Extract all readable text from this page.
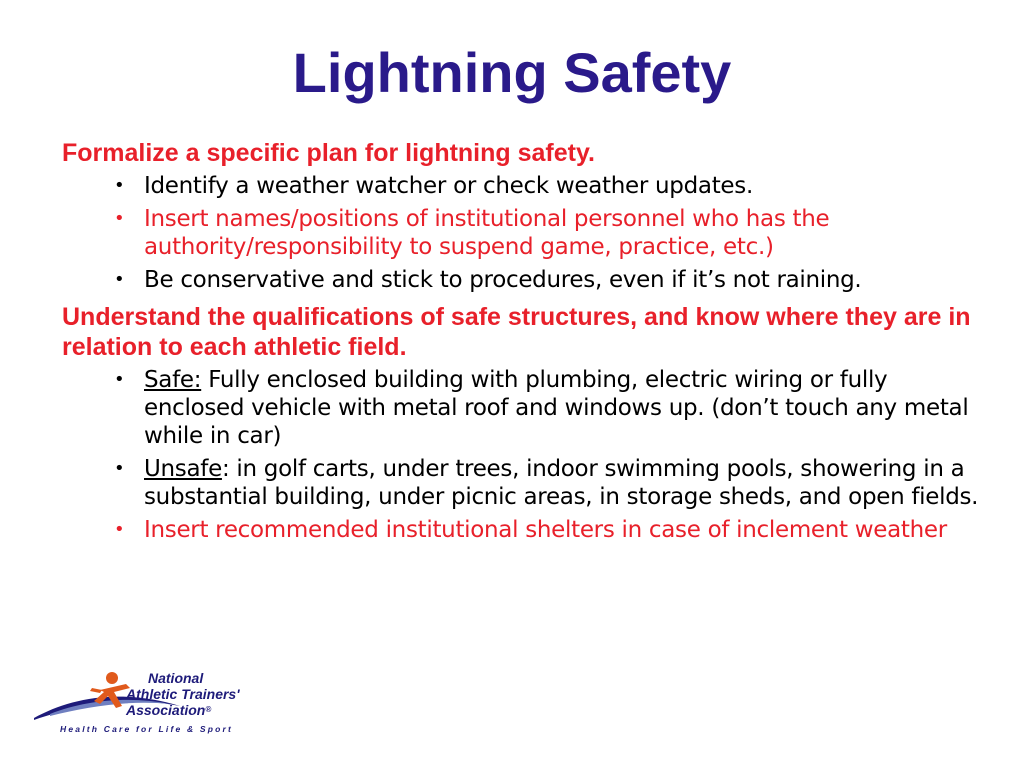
Lightning Safety
Formalize a specific plan for lightning safety.
• Identify a weather watcher or check weather updates.
• Insert names/positions of institutional personnel who has the authority/responsibility to suspend game, practice, etc.)
• Be conservative and stick to procedures, even if it’s not raining.
Understand the qualifications of safe structures, and know where they are in relation to each athletic field.
• Safe: Fully enclosed building with plumbing, electric wiring or fully enclosed vehicle with metal roof and windows up. (don’t touch any metal while in car)
• Unsafe: in golf carts, under trees, indoor swimming pools, showering in a substantial building, under picnic areas, in storage sheds, and open fields.
• Insert recommended institutional shelters in case of inclement weather
National
Athletic Trainers'
Association®
Health Care for Life & Sport
